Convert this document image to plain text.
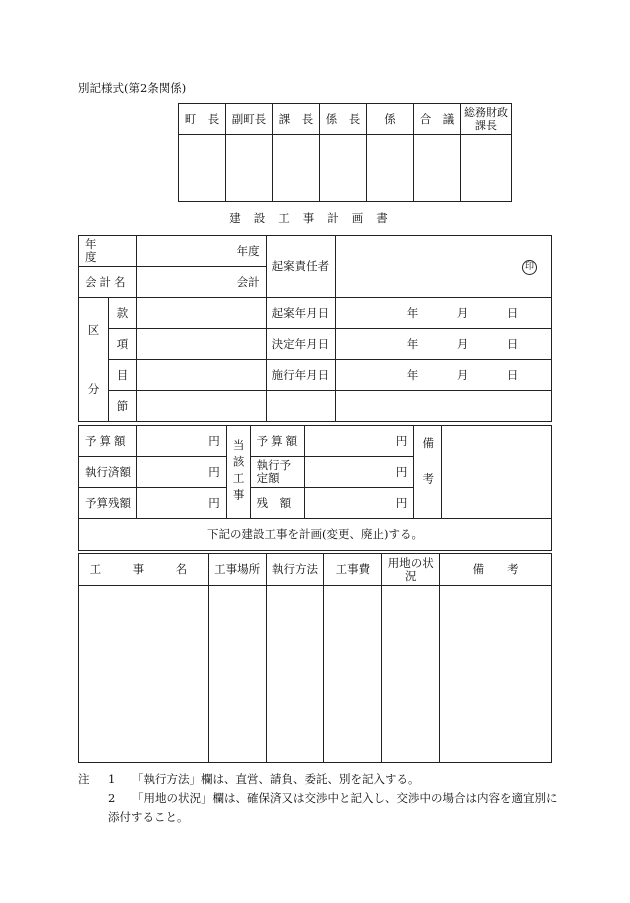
別記様式(第2条関係)
町　長	副町長	課　長	係　長	係	合　議	総務財政課長

建設工事計画書
年　度		年度	起案責任者	印
会計名		会計		

区
分	款		起案年月日	年 月 日
	項		決定年月日	年 月 日
	目		施行年月日	年 月 日
	節			
予算額	円	当該工事	予算額	円	備考	

執行済額	円		執行予定額	円		
予算残額	円		残　額	円		
下記の建設工事を計画(変更、廃止)する。						
工　事　名	工事場所	執行方法	工事費	用地の状況	備　　考

注	1	「執行方法」欄は、直営、請負、委託、別を記入する。
2	「用地の状況」欄は、確保済又は交渉中と記入し、交渉中の場合は内容を適宜別に
添付すること。
